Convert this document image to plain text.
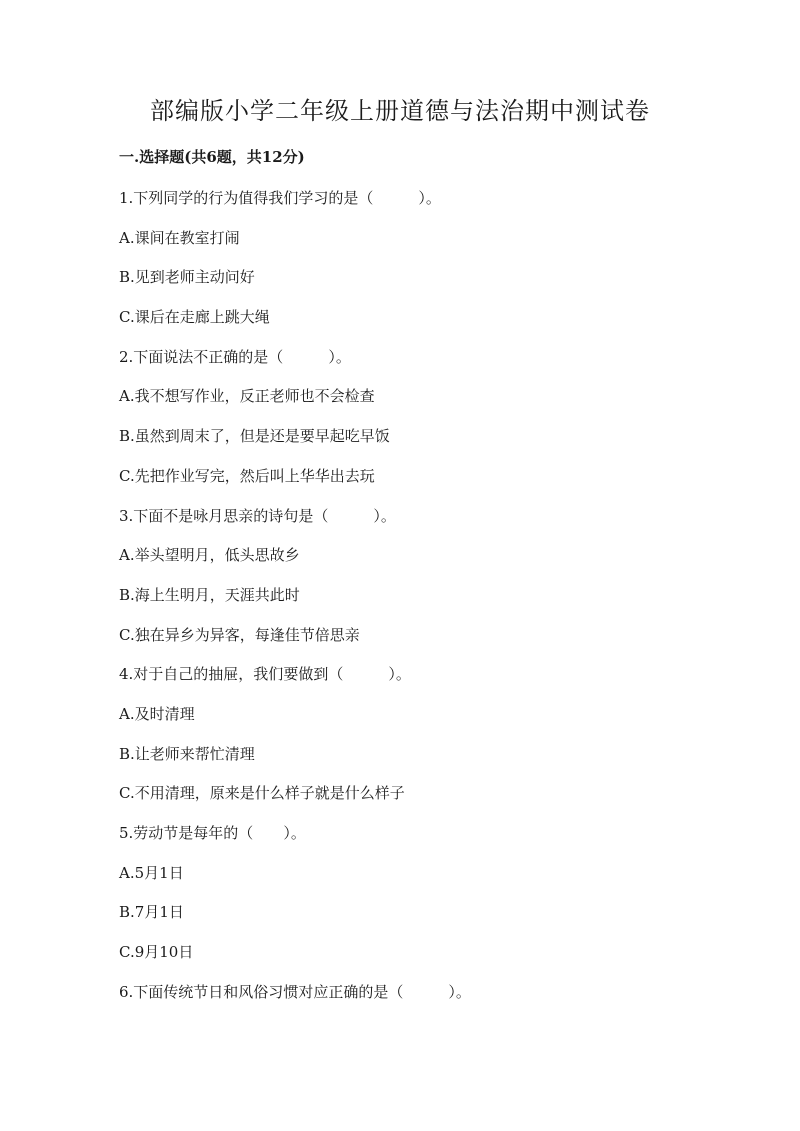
部编版小学二年级上册道德与法治期中测试卷
一.选择题(共6题，共12分)
1.下列同学的行为值得我们学习的是（　　　）。
A.课间在教室打闹
B.见到老师主动问好
C.课后在走廊上跳大绳
2.下面说法不正确的是（　　　）。
A.我不想写作业，反正老师也不会检查
B.虽然到周末了，但是还是要早起吃早饭
C.先把作业写完，然后叫上华华出去玩
3.下面不是咏月思亲的诗句是（　　　）。
A.举头望明月，低头思故乡
B.海上生明月，天涯共此时
C.独在异乡为异客，每逢佳节倍思亲
4.对于自己的抽屉，我们要做到（　　　）。
A.及时清理
B.让老师来帮忙清理
C.不用清理，原来是什么样子就是什么样子
5.劳动节是每年的（　　）。
A.5月1日
B.7月1日
C.9月10日
6.下面传统节日和风俗习惯对应正确的是（　　　）。
